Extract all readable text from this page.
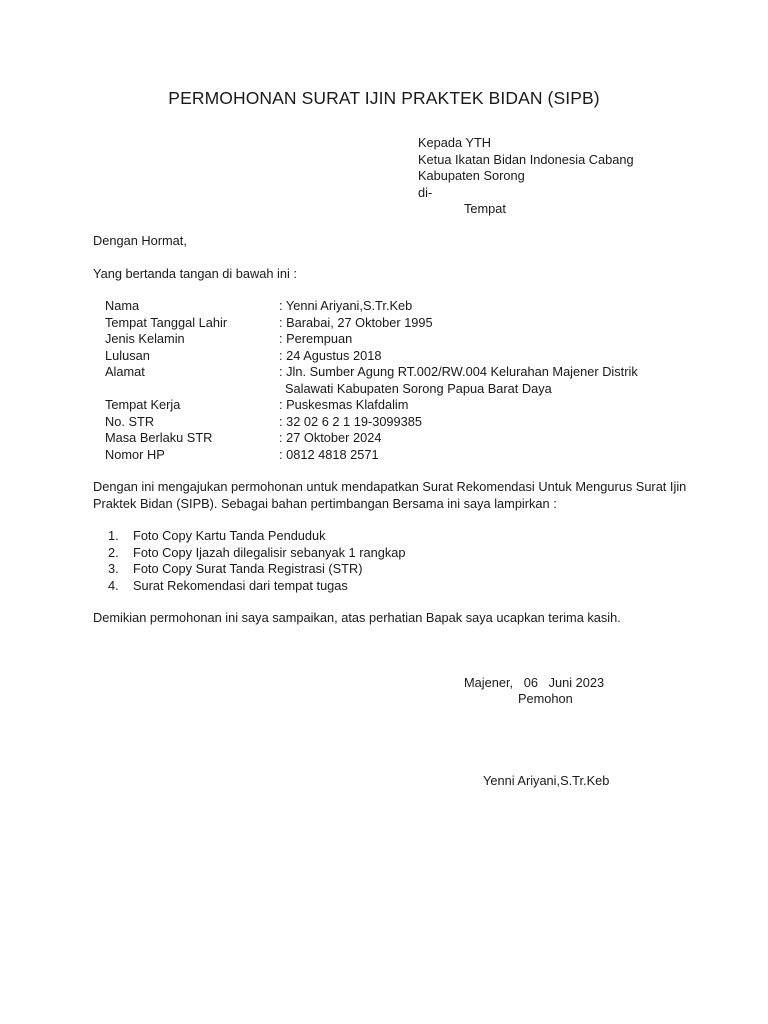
PERMOHONAN SURAT IJIN PRAKTEK BIDAN (SIPB)
Kepada YTH
Ketua Ikatan Bidan Indonesia Cabang
Kabupaten Sorong
di-
Tempat
Dengan Hormat,
Yang bertanda tangan di bawah ini :
Nama	: Yenni Ariyani,S.Tr.Keb
Tempat Tanggal Lahir	: Barabai, 27 Oktober 1995
Jenis Kelamin	: Perempuan
Lulusan	: 24 Agustus 2018
Alamat	: Jln. Sumber Agung RT.002/RW.004 Kelurahan Majener Distrik
Salawati Kabupaten Sorong Papua Barat Daya
Tempat Kerja	: Puskesmas Klafdalim
No. STR	: 32 02 6 2 1 19-3099385
Masa Berlaku STR	: 27 Oktober 2024
Nomor HP	: 0812 4818 2571
Dengan ini mengajukan permohonan untuk mendapatkan Surat Rekomendasi Untuk Mengurus Surat Ijin Praktek Bidan (SIPB). Sebagai bahan pertimbangan Bersama ini saya lampirkan :
1.	Foto Copy Kartu Tanda Penduduk
2.	Foto Copy Ijazah dilegalisir sebanyak 1 rangkap
3.	Foto Copy Surat Tanda Registrasi (STR)
4.	Surat Rekomendasi dari tempat tugas
Demikian permohonan ini saya sampaikan, atas perhatian Bapak saya ucapkan terima kasih.
Majener,   06   Juni 2023
Pemohon
Yenni Ariyani,S.Tr.Keb
